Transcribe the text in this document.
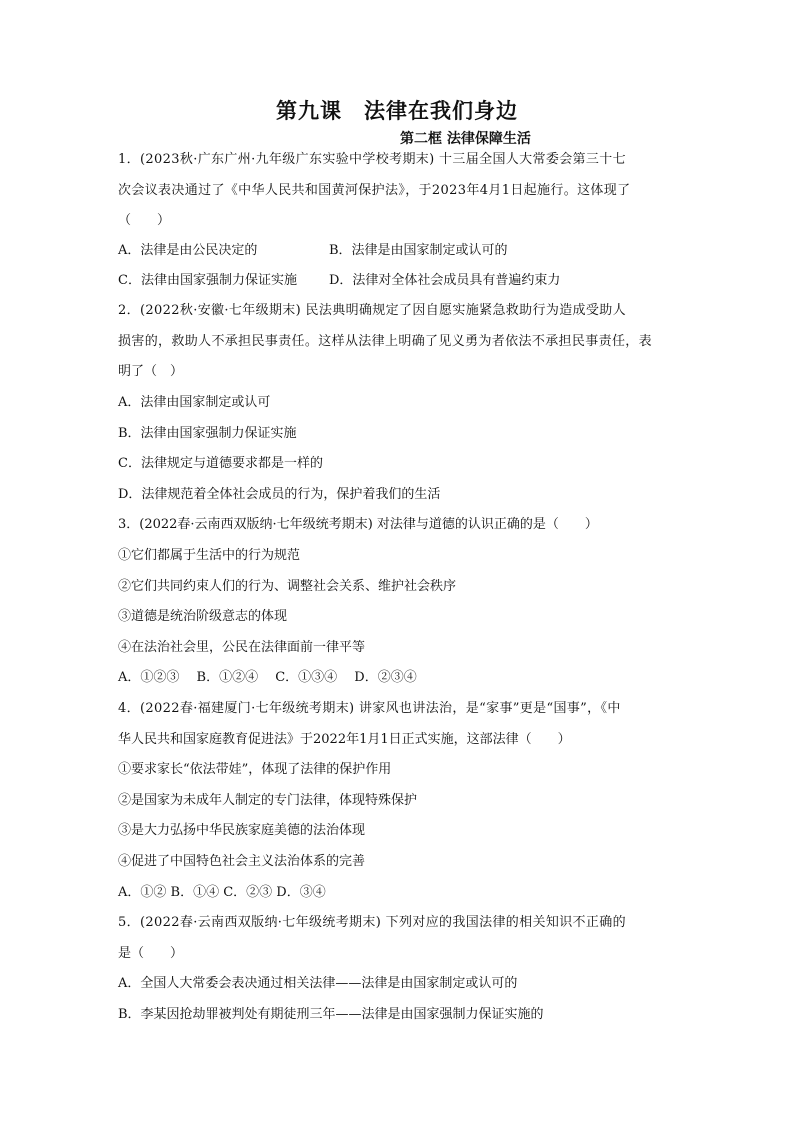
第九课 法律在我们身边
第二框 法律保障生活

1．(2023秋·广东广州·九年级广东实验中学校考期末) 十三届全国人大常委会第三十七

次会议表决通过了《中华人民共和国黄河保护法》，于2023年4月1日起施行。这体现了

（　　）

A．法律是由公民决定的	B．法律是由国家制定或认可的

C．法律由国家强制力保证实施 D．法律对全体社会成员具有普遍约束力

2．(2022秋·安徽·七年级期末) 民法典明确规定了因自愿实施紧急救助行为造成受助人

损害的，救助人不承担民事责任。这样从法律上明确了见义勇为者依法不承担民事责任，表

明了（　）

A．法律由国家制定或认可

B．法律由国家强制力保证实施

C．法律规定与道德要求都是一样的

D．法律规范着全体社会成员的行为，保护着我们的生活

3．(2022春·云南西双版纳·七年级统考期末) 对法律与道德的认识正确的是（　　）

①它们都属于生活中的行为规范

②它们共同约束人们的行为、调整社会关系、维护社会秩序

③道德是统治阶级意志的体现

④在法治社会里，公民在法律面前一律平等

A．①②③　 B．①②④　 C．①③④　 D．②③④

4．(2022春·福建厦门·七年级统考期末) 讲家风也讲法治，是“家事”更是“国事”，《中

华人民共和国家庭教育促进法》于2022年1月1日正式实施，这部法律（　　）

①要求家长“依法带娃”，体现了法律的保护作用

②是国家为未成年人制定的专门法律，体现特殊保护

③是大力弘扬中华民族家庭美德的法治体现

④促进了中国特色社会主义法治体系的完善

A．①② B．①④ C．②③ D．③④

5．(2022春·云南西双版纳·七年级统考期末) 下列对应的我国法律的相关知识不正确的

是（　　）

A．全国人大常委会表决通过相关法律——法律是由国家制定或认可的

B．李某因抢劫罪被判处有期徒刑三年——法律是由国家强制力保证实施的
